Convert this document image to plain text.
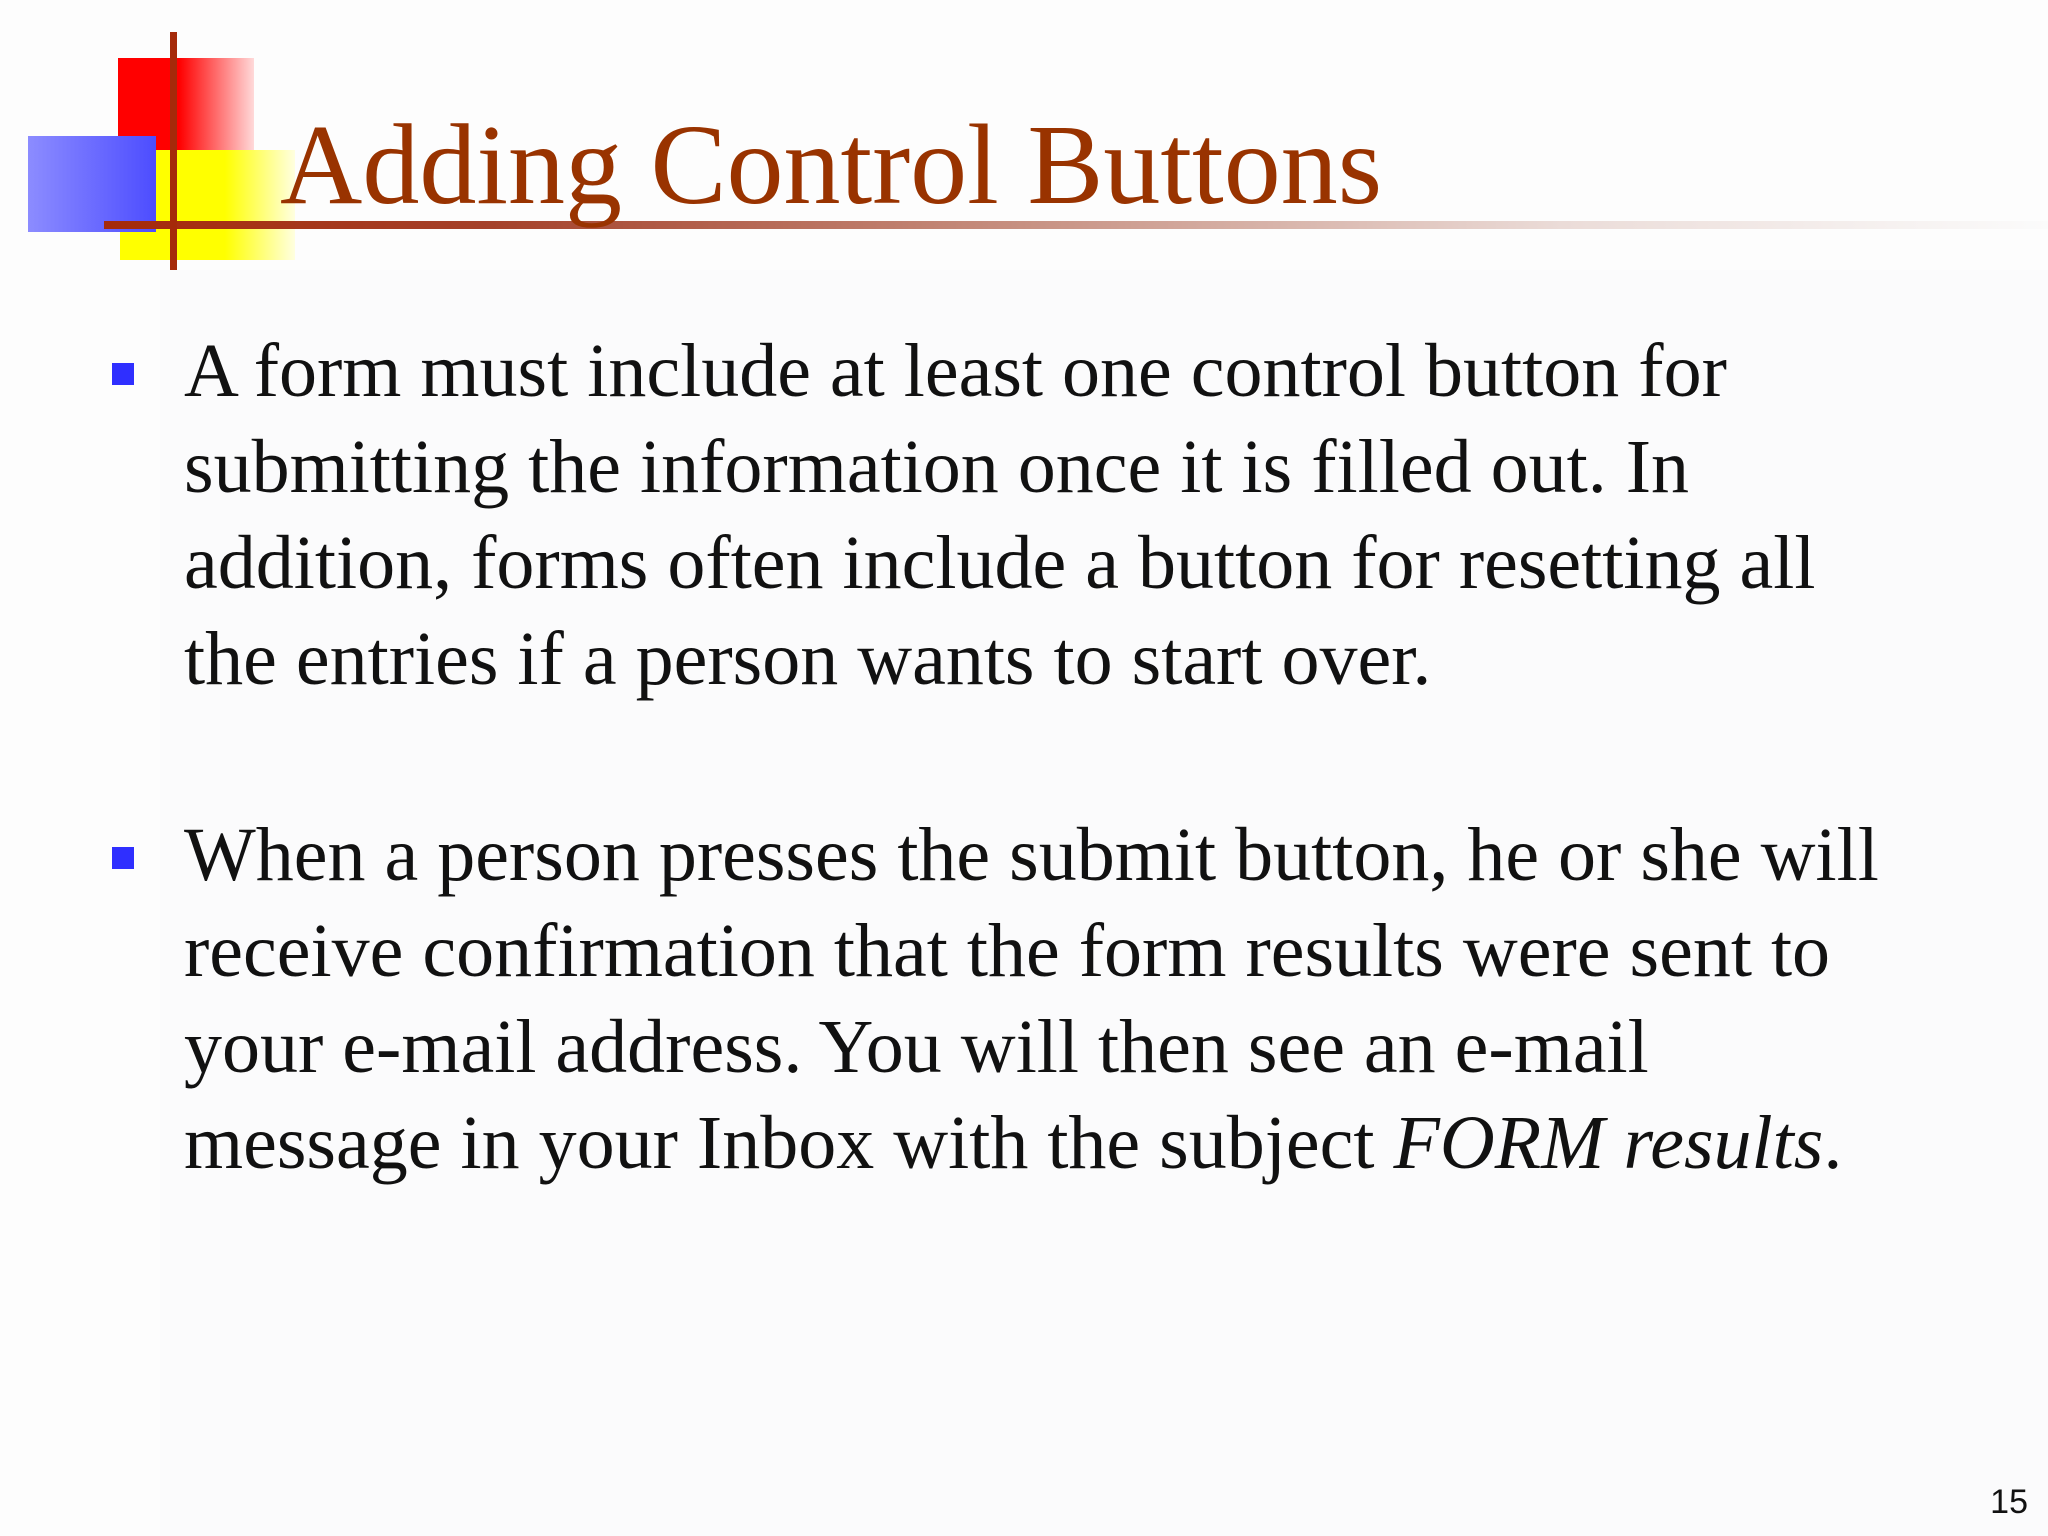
Adding Control Buttons
A form must include at least one control button for
submitting the information once it is filled out. In
addition, forms often include a button for resetting all
the entries if a person wants to start over.
When a person presses the submit button, he or she will
receive confirmation that the form results were sent to
your e-mail address. You will then see an e-mail
message in your Inbox with the subject FORM results.
15
